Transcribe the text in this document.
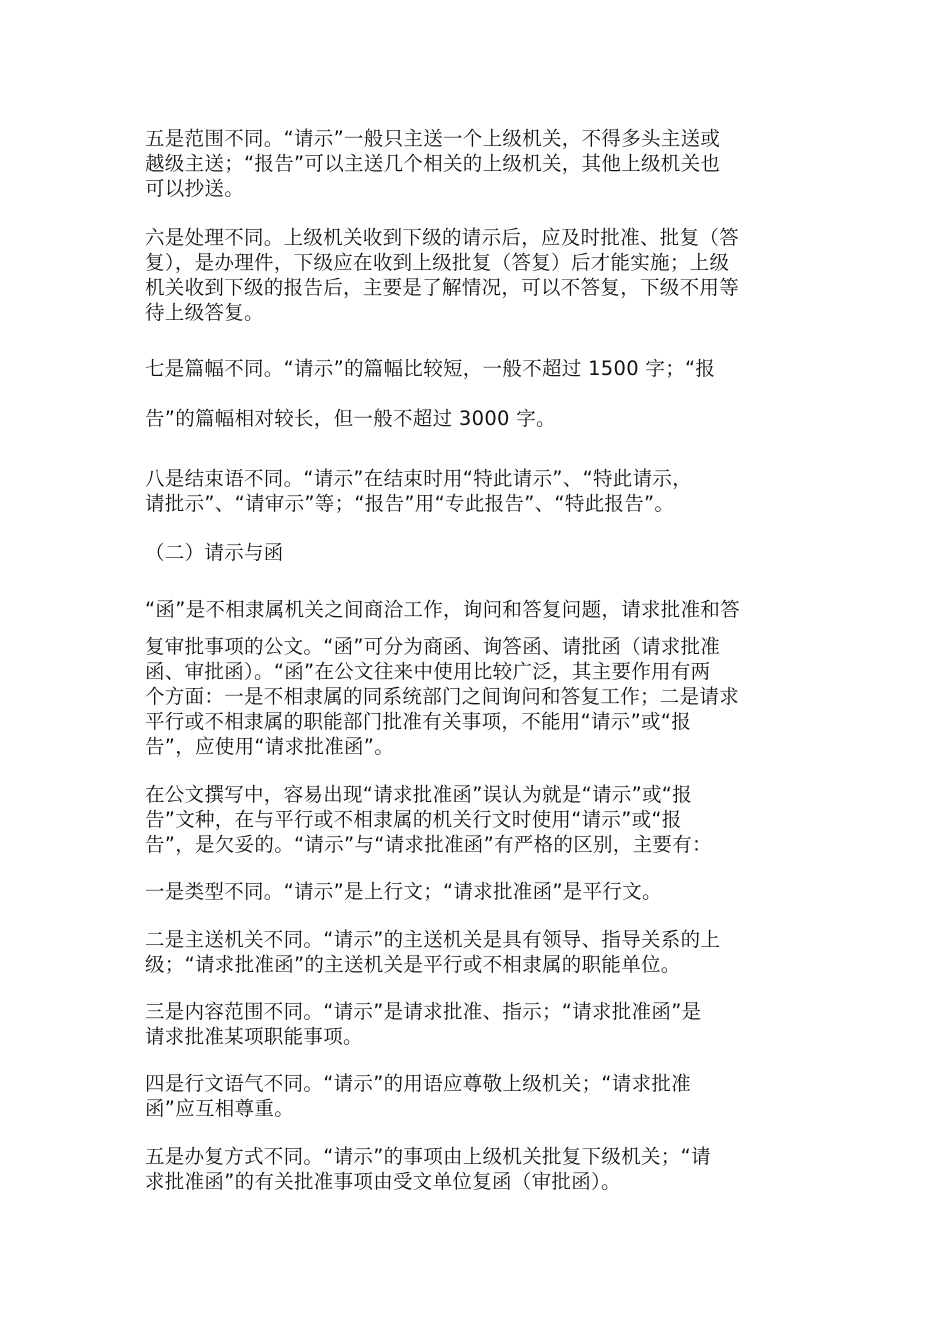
五是范围不同。“请示”一般只主送一个上级机关，不得多头主送或
越级主送；“报告”可以主送几个相关的上级机关，其他上级机关也
可以抄送。

六是处理不同。上级机关收到下级的请示后，应及时批准、批复（答
复），是办理件，下级应在收到上级批复（答复）后才能实施；上级
机关收到下级的报告后，主要是了解情况，可以不答复，下级不用等
待上级答复。

七是篇幅不同。“请示”的篇幅比较短，一般不超过 1500 字；“报

告”的篇幅相对较长，但一般不超过 3000 字。

八是结束语不同。“请示”在结束时用“特此请示”、“特此请示，
请批示”、“请审示”等；“报告”用“专此报告”、“特此报告”。

（二）请示与函

“函”是不相隶属机关之间商洽工作，询问和答复问题，请求批准和答

复审批事项的公文。“函”可分为商函、询答函、请批函（请求批准
函、审批函）。“函”在公文往来中使用比较广泛，其主要作用有两
个方面：一是不相隶属的同系统部门之间询问和答复工作；二是请求
平行或不相隶属的职能部门批准有关事项，不能用“请示”或“报
告”，应使用“请求批准函”。

在公文撰写中，容易出现“请求批准函”误认为就是“请示”或“报
告”文种，在与平行或不相隶属的机关行文时使用“请示”或“报
告”，是欠妥的。“请示”与“请求批准函”有严格的区别，主要有：

一是类型不同。“请示”是上行文；“请求批准函”是平行文。

二是主送机关不同。“请示”的主送机关是具有领导、指导关系的上
级；“请求批准函”的主送机关是平行或不相隶属的职能单位。

三是内容范围不同。“请示”是请求批准、指示；“请求批准函”是
请求批准某项职能事项。

四是行文语气不同。“请示”的用语应尊敬上级机关；“请求批准
函”应互相尊重。

五是办复方式不同。“请示”的事项由上级机关批复下级机关；“请
求批准函”的有关批准事项由受文单位复函（审批函）。
